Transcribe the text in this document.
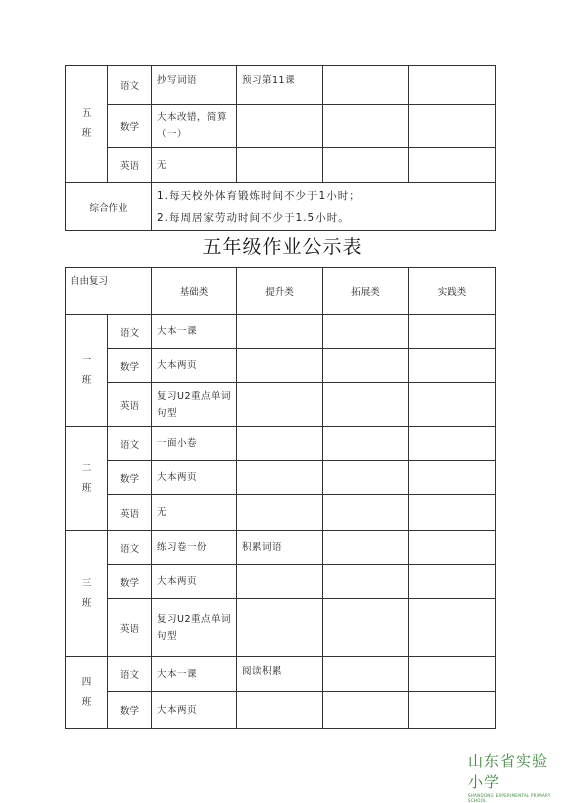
五
班	语文	抄写词语	预习第11课		
	数学	大本改错，简算（一）			
	英语	无			
综合作业		1.每天校外体育锻炼时间不少于1小时；
2.每周居家劳动时间不少于1.5小时。			
五年级作业公示表
自由复习		基础类	提升类	拓展类	实践类
一
班	语文	大本一课			
	数学	大本两页			
	英语	复习U2重点单词句型			
二
班	语文	一面小卷			
	数学	大本两页			
	英语	无			
三
班	语文	练习卷一份	积累词语		
	数学	大本两页			
	英语	复习U2重点单词句型			
四
班	语文	大本一课	阅读积累		
	数学	大本两页			
山东省实验小学
SHANDONG EXPERIMENTAL PRIMARY SCHOOL
